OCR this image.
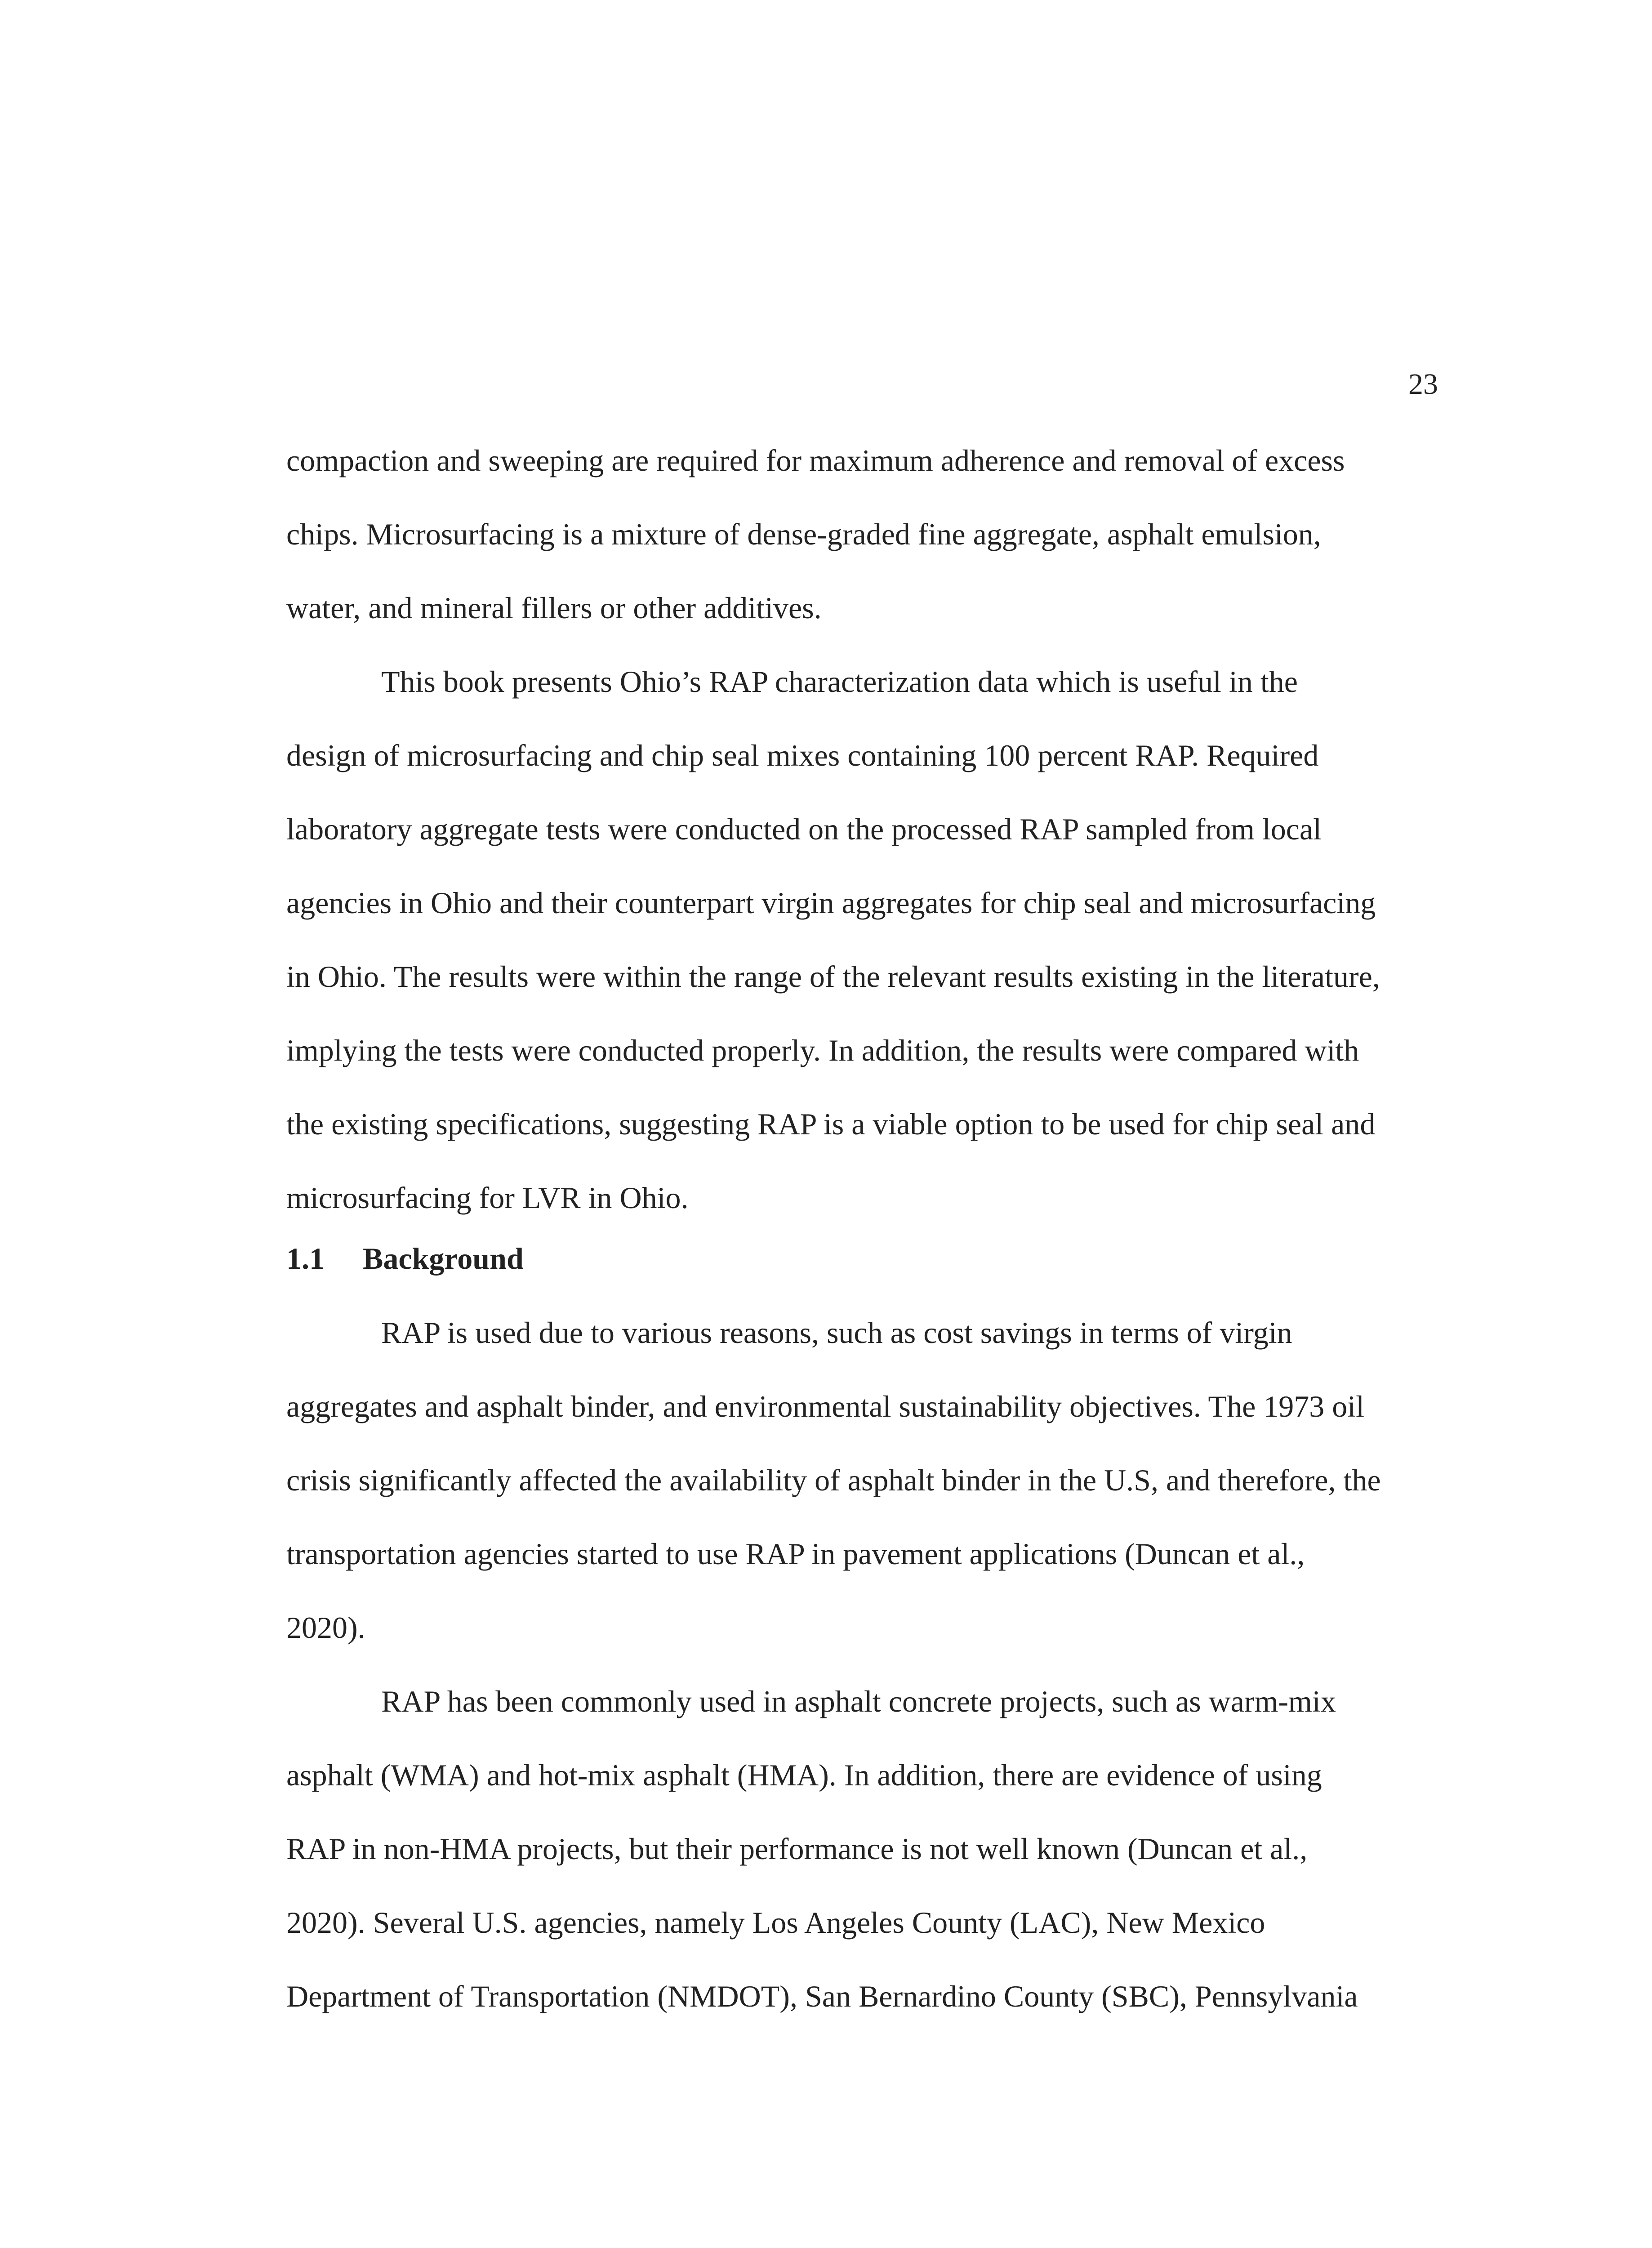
23
compaction and sweeping are required for maximum adherence and removal of excess
chips. Microsurfacing is a mixture of dense-graded fine aggregate, asphalt emulsion,
water, and mineral fillers or other additives.
This book presents Ohio’s RAP characterization data which is useful in the
design of microsurfacing and chip seal mixes containing 100 percent RAP. Required
laboratory aggregate tests were conducted on the processed RAP sampled from local
agencies in Ohio and their counterpart virgin aggregates for chip seal and microsurfacing
in Ohio. The results were within the range of the relevant results existing in the literature,
implying the tests were conducted properly. In addition, the results were compared with
the existing specifications, suggesting RAP is a viable option to be used for chip seal and
microsurfacing for LVR in Ohio.
1.1 Background
RAP is used due to various reasons, such as cost savings in terms of virgin
aggregates and asphalt binder, and environmental sustainability objectives. The 1973 oil
crisis significantly affected the availability of asphalt binder in the U.S, and therefore, the
transportation agencies started to use RAP in pavement applications (Duncan et al.,
2020).
RAP has been commonly used in asphalt concrete projects, such as warm-mix
asphalt (WMA) and hot-mix asphalt (HMA). In addition, there are evidence of using
RAP in non-HMA projects, but their performance is not well known (Duncan et al.,
2020). Several U.S. agencies, namely Los Angeles County (LAC), New Mexico
Department of Transportation (NMDOT), San Bernardino County (SBC), Pennsylvania
